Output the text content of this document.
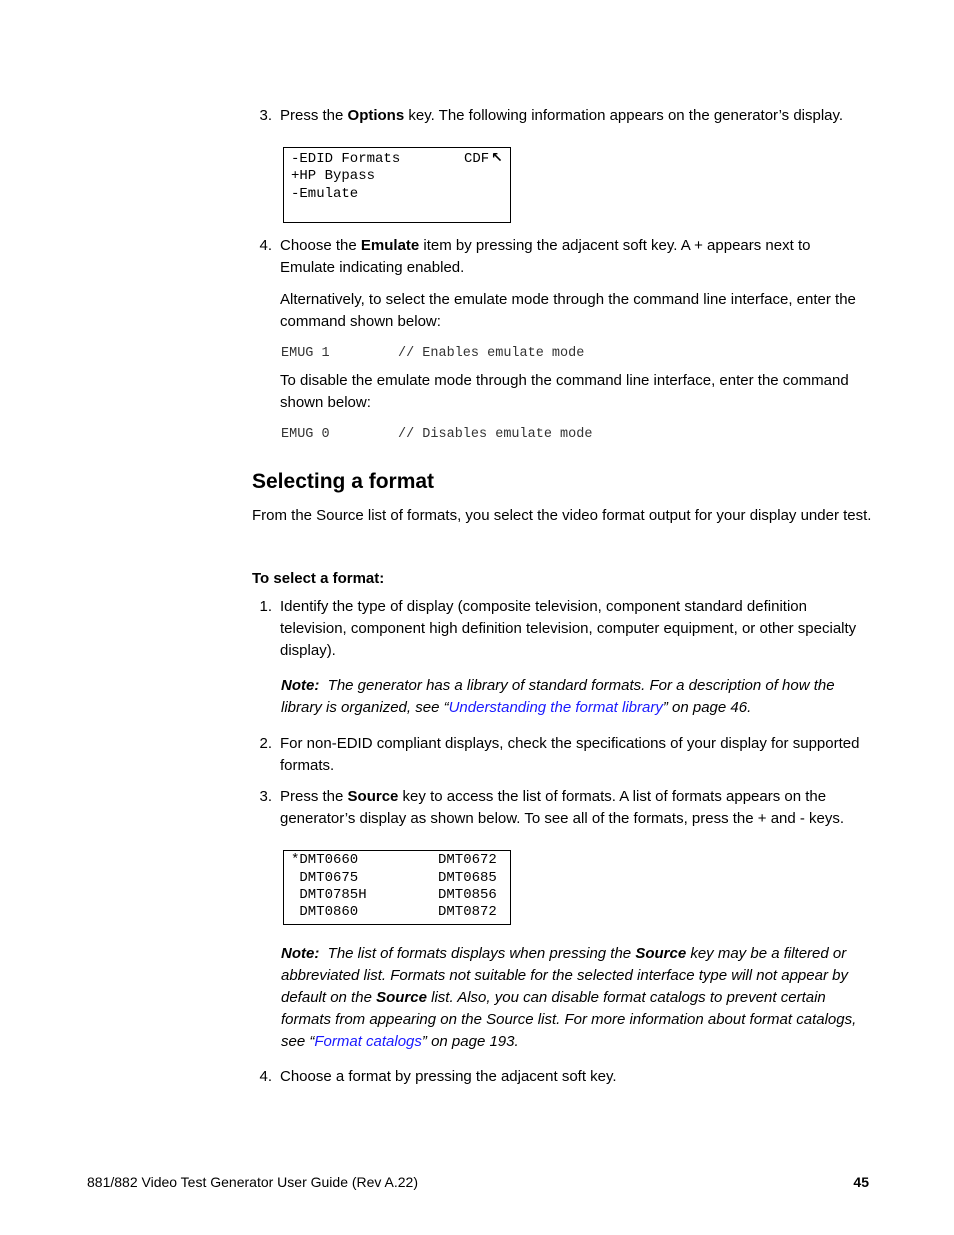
3. Press the Options key. The following information appears on the generator’s display.
-EDID Formats	CDF ↖
+HP Bypass
-Emulate
4. Choose the Emulate item by pressing the adjacent soft key. A + appears next to Emulate indicating enabled.
Alternatively, to select the emulate mode through the command line interface, enter the command shown below:
EMUG 1	// Enables emulate mode
To disable the emulate mode through the command line interface, enter the command shown below:
EMUG 0	// Disables emulate mode
Selecting a format
From the Source list of formats, you select the video format output for your display under test.
To select a format:
1. Identify the type of display (composite television, component standard definition television, component high definition television, computer equipment, or other specialty display).
Note: The generator has a library of standard formats. For a description of how the library is organized, see “Understanding the format library” on page 46.
2. For non-EDID compliant displays, check the specifications of your display for supported formats.
3. Press the Source key to access the list of formats. A list of formats appears on the generator’s display as shown below. To see all of the formats, press the + and - keys.
*DMT0660	DMT0672
DMT0675	DMT0685
DMT0785H	DMT0856
DMT0860	DMT0872
Note: The list of formats displays when pressing the Source key may be a filtered or abbreviated list. Formats not suitable for the selected interface type will not appear by default on the Source list. Also, you can disable format catalogs to prevent certain formats from appearing on the Source list. For more information about format catalogs, see “Format catalogs” on page 193.
4. Choose a format by pressing the adjacent soft key.
881/882 Video Test Generator User Guide (Rev A.22)	45
